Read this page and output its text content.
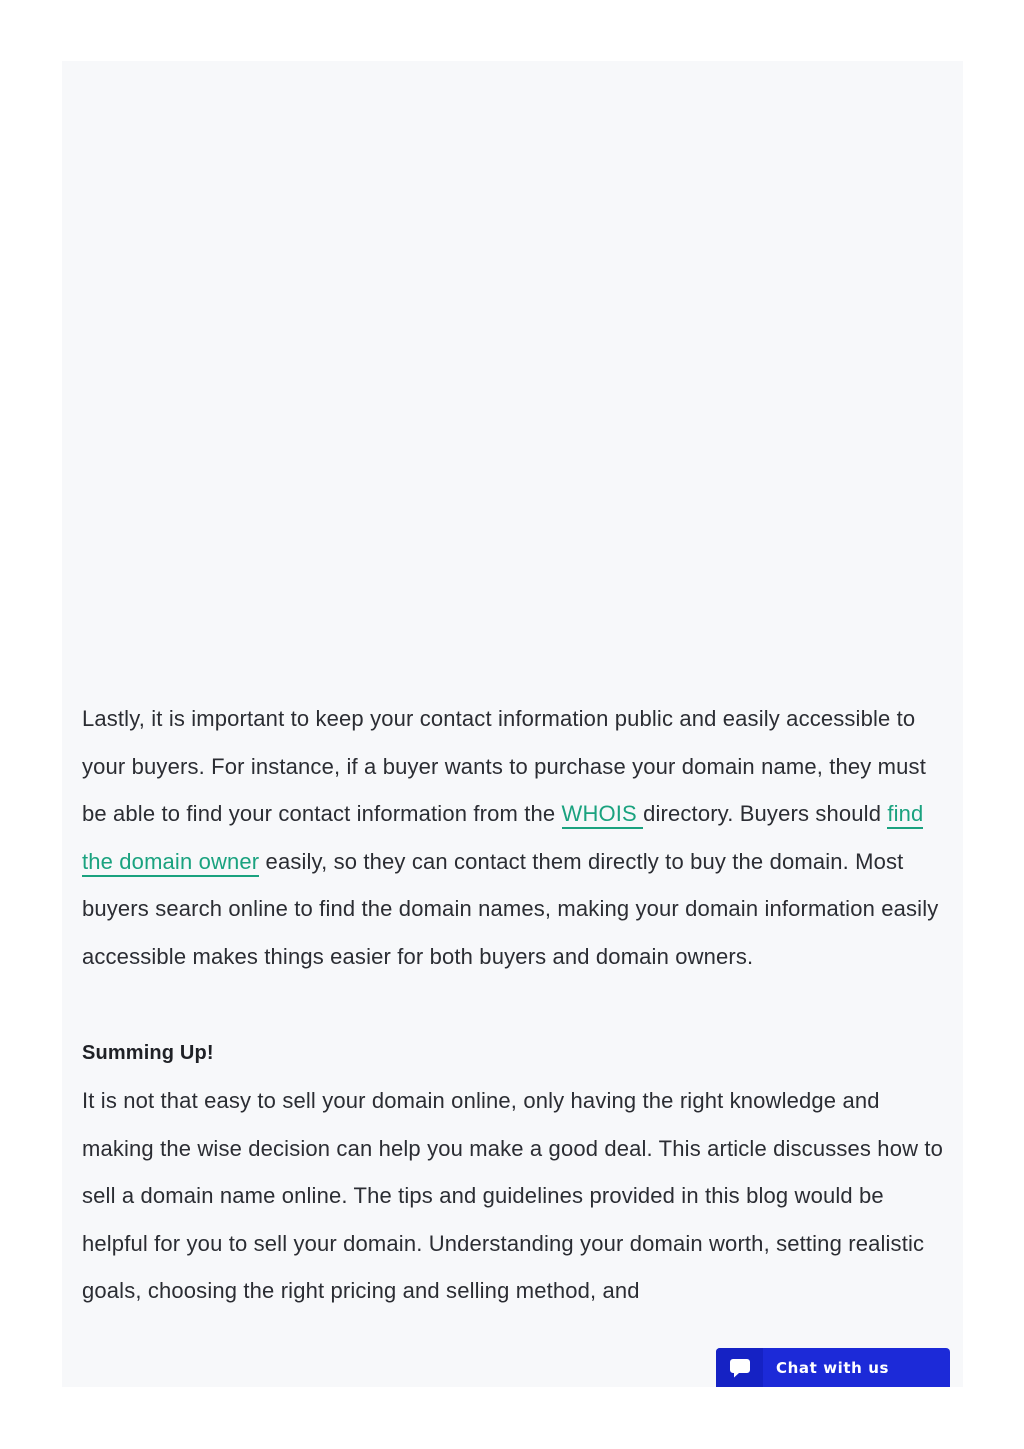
Lastly, it is important to keep your contact information public and easily accessible to your buyers. For instance, if a buyer wants to purchase your domain name, they must be able to find your contact information from the WHOIS directory. Buyers should find the domain owner easily, so they can contact them directly to buy the domain. Most buyers search online to find the domain names, making your domain information easily accessible makes things easier for both buyers and domain owners.

Summing Up!

It is not that easy to sell your domain online, only having the right knowledge and making the wise decision can help you make a good deal. This article discusses how to sell a domain name online. The tips and guidelines provided in this blog would be helpful for you to sell your domain. Understanding your domain worth, setting realistic goals, choosing the right pricing and selling method, and

Chat with us
